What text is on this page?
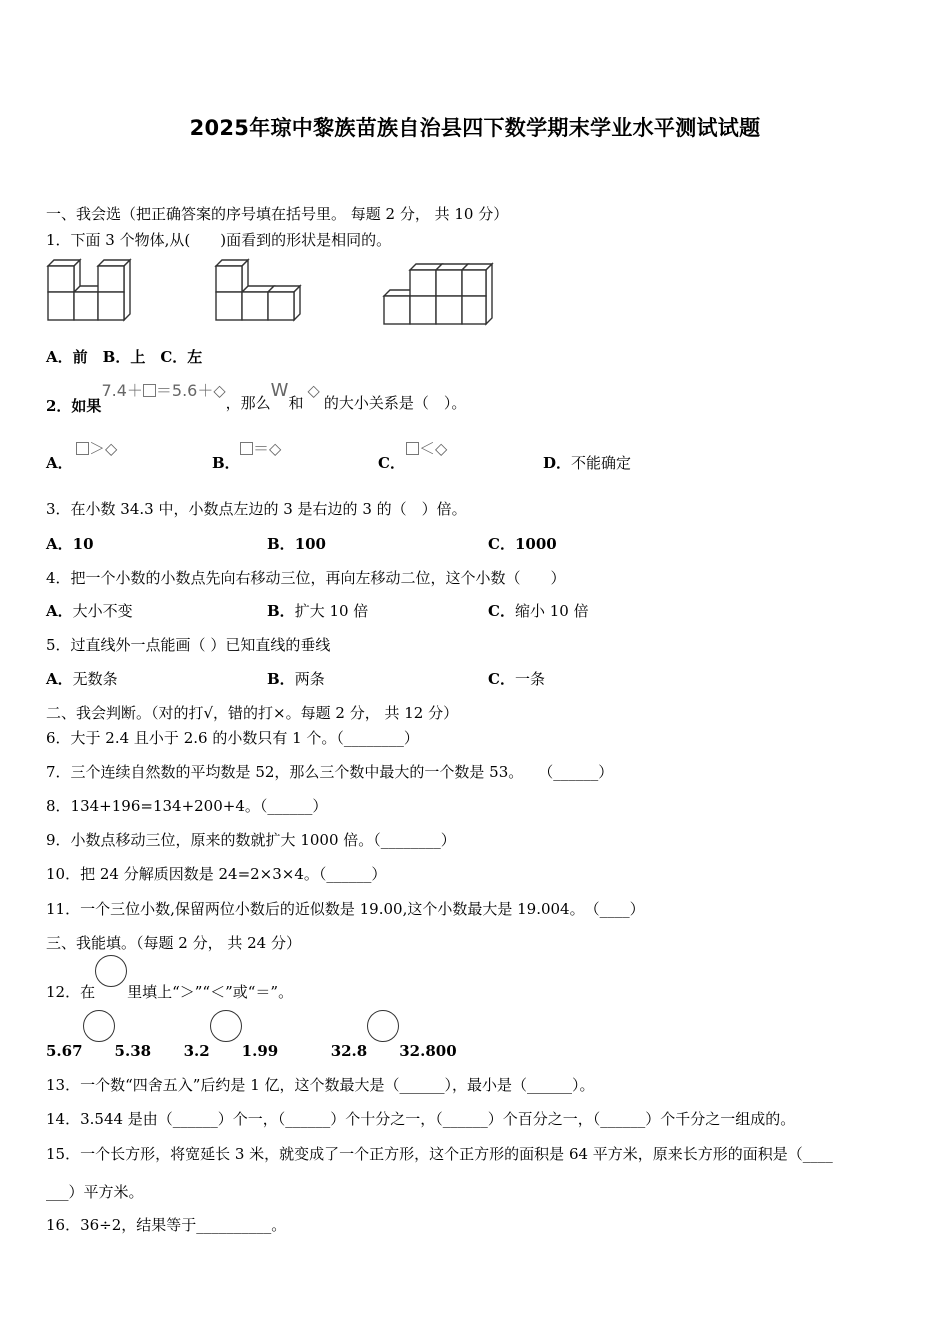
2025年琼中黎族苗族自治县四下数学期末学业水平测试试题
一、我会选（把正确答案的序号填在括号里。 每题 2 分， 共 10 分）
1．下面 3 个物体,从(　　)面看到的形状是相同的。
A．前　B．上　C．左
2．如果7.4＋ ＝5.6＋◇，那么W和◇的大小关系是（　）。
A．
＞◇
B．
＝◇
C．
＜◇
D．不能确定
3．在小数 34.3 中，小数点左边的 3 是右边的 3 的（　）倍。
A．10	B．100	C．1000
4．把一个小数的小数点先向右移动三位，再向左移动二位，这个小数（　　）
A．大小不变	B．扩大 10 倍	C．缩小 10 倍
5．过直线外一点能画（ ）已知直线的垂线
A．无数条	B．两条	C．一条
二、我会判断。（对的打√，错的打×。每题 2 分， 共 12 分）
6．大于 2.4 且小于 2.6 的小数只有 1 个。（________）
7．三个连续自然数的平均数是 52，那么三个数中最大的一个数是 53。　　（______）
8．134+196=134+200+4。（______）
9．小数点移动三位，原来的数就扩大 1000 倍。（________）
10．把 24 分解质因数是 24=2×3×4。（______）
11．一个三位小数,保留两位小数后的近似数是 19.00,这个小数最大是 19.004。　（____）
三、我能填。（每题 2 分， 共 24 分）
12．在 里填上“＞”“＜”或“＝”。
5.67 5.38 3.2 1.99	32.8 32.800
13．一个数“四舍五入”后约是 1 亿，这个数最大是（______），最小是（______）。
14．3.544 是由（______）个一，（______）个十分之一，（______）个百分之一，（______）个千分之一组成的。
15．一个长方形，将宽延长 3 米，就变成了一个正方形，这个正方形的面积是 64 平方米，原来长方形的面积是（____
___）平方米。
16．36÷2，结果等于__________。
